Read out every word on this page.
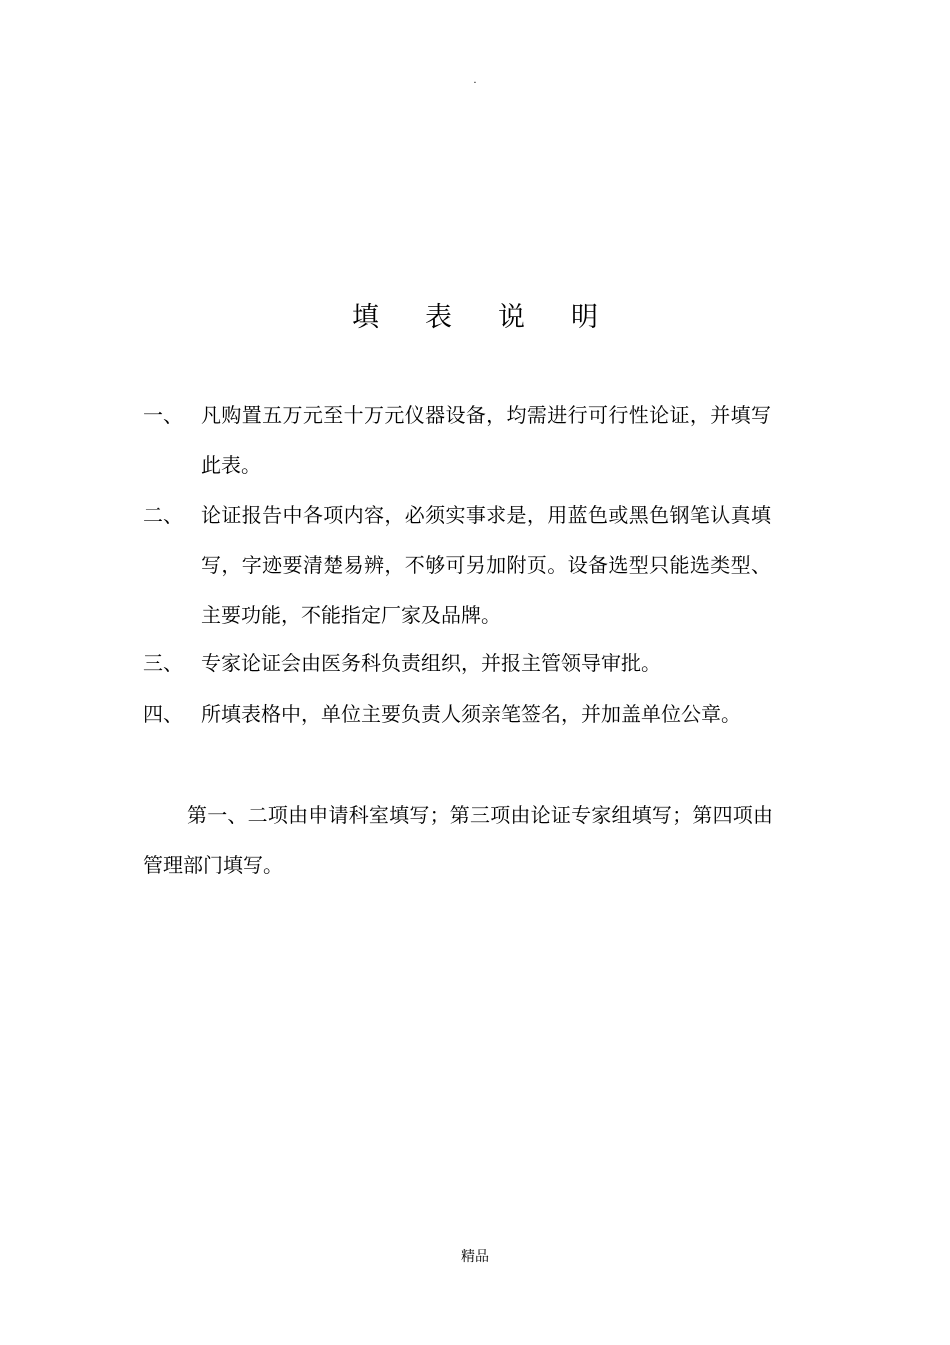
.
填表说明
一、 凡购置五万元至十万元仪器设备，均需进行可行性论证，并填写此表。
二、 论证报告中各项内容，必须实事求是，用蓝色或黑色钢笔认真填写，字迹要清楚易辨，不够可另加附页。设备选型只能选类型、主要功能，不能指定厂家及品牌。
三、 专家论证会由医务科负责组织，并报主管领导审批。
四、 所填表格中，单位主要负责人须亲笔签名，并加盖单位公章。
第一、二项由申请科室填写；第三项由论证专家组填写；第四项由管理部门填写。
精品
